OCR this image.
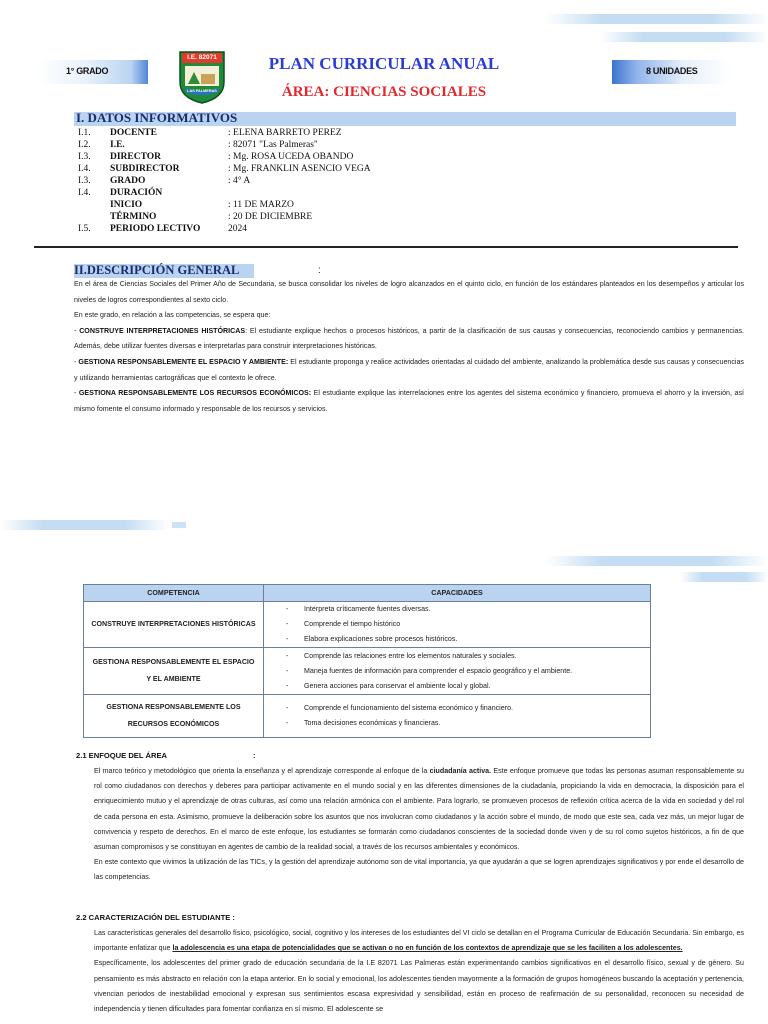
1° GRADO	8 UNIDADES
I.E. 82071
LAS PALMERAS
PLAN CURRICULAR ANUAL
ÁREA: CIENCIAS SOCIALES
I. DATOS INFORMATIVOS
I.1.	DOCENTE	: ELENA BARRETO PEREZ
I.2.	I.E.	: 82071 "Las Palmeras"
I.3.	DIRECTOR	: Mg. ROSA UCEDA OBANDO
I.4.	SUBDIRECTOR	: Mg. FRANKLIN ASENCIO VEGA
I.3.	GRADO	: 4° A
I.4.	DURACIÓN
INICIO	: 11 DE MARZO
TÉRMINO	: 20 DE DICIEMBRE
I.5.	PERIODO LECTIVO	2024
II.DESCRIPCIÓN GENERAL	:
En el área de Ciencias Sociales del Primer Año de Secundaria, se busca consolidar los niveles de logro alcanzados en el quinto ciclo, en función de los estándares planteados en los desempeños y articular los niveles de logros correspondientes al sexto ciclo.
En este grado, en relación a las competencias, se espera que:
- CONSTRUYE INTERPRETACIONES HISTÓRICAS: El estudiante explique hechos o procesos históricos, a partir de la clasificación de sus causas y consecuencias, reconociendo cambios y permanencias. Además, debe utilizar fuentes diversas e interpretarlas para construir interpretaciones históricas.
- GESTIONA RESPONSABLEMENTE EL ESPACIO Y AMBIENTE: El estudiante proponga y realice actividades orientadas al cuidado del ambiente, analizando la problemática desde sus causas y consecuencias y utilizando herramientas cartográficas que el contexto le ofrece.
- GESTIONA RESPONSABLEMENTE LOS RECURSOS ECONÓMICOS: El estudiante explique las interrelaciones entre los agentes del sistema económico y financiero, promueva el ahorro y la inversión, así mismo fomente el consumo informado y responsable de los recursos y servicios.
COMPETENCIA	CAPACIDADES
CONSTRUYE INTERPRETACIONES HISTÓRICAS	- Interpreta críticamente fuentes diversas.
- Comprende el tiempo histórico
- Elabora explicaciones sobre procesos históricos.

GESTIONA RESPONSABLEMENTE EL ESPACIO Y EL AMBIENTE	- Comprende las relaciones entre los elementos naturales y sociales.
- Maneja fuentes de información para comprender el espacio geográfico y el ambiente.
- Genera acciones para conservar el ambiente local y global.

GESTIONA RESPONSABLEMENTE LOS RECURSOS ECONÓMICOS	- Comprende el funcionamiento del sistema económico y financiero.
- Toma decisiones económicas y financieras.
2.1 ENFOQUE DEL ÁREA	:
El marco teórico y metodológico que orienta la enseñanza y el aprendizaje corresponde al enfoque de la ciudadanía activa. Este enfoque promueve que todas las personas asuman responsablemente su rol como ciudadanos con derechos y deberes para participar activamente en el mundo social y en las diferentes dimensiones de la ciudadanía, propiciando la vida en democracia, la disposición para el enriquecimiento mutuo y el aprendizaje de otras culturas, así como una relación armónica con el ambiente. Para lograrlo, se promueven procesos de reflexión crítica acerca de la vida en sociedad y del rol de cada persona en esta. Asimismo, promueve la deliberación sobre los asuntos que nos involucran como ciudadanos y la acción sobre el mundo, de modo que este sea, cada vez más, un mejor lugar de convivencia y respeto de derechos. En el marco de este enfoque, los estudiantes se formarán como ciudadanos conscientes de la sociedad donde viven y de su rol como sujetos históricos, a fin de que asuman compromisos y se constituyan en agentes de cambio de la realidad social, a través de los recursos ambientales y económicos.
En este contexto que vivimos la utilización de las TICs, y la gestión del aprendizaje autónomo son de vital importancia, ya que ayudarán a que se logren aprendizajes significativos y por ende el desarrollo de las competencias.
2.2 CARACTERIZACIÓN DEL ESTUDIANTE :
Las características generales del desarrollo físico, psicológico, social, cognitivo y los intereses de los estudiantes del VI ciclo se detallan en el Programa Curricular de Educación Secundaria. Sin embargo, es importante enfatizar que la adolescencia es una etapa de potencialidades que se activan o no en función de los contextos de aprendizaje que se les faciliten a los adolescentes.
Específicamente, los adolescentes del primer grado de educación secundaria de la I.E 82071 Las Palmeras están experimentando cambios significativos en el desarrollo físico, sexual y de género. Su pensamiento es más abstracto en relación con la etapa anterior. En lo social y emocional, los adolescentes tienden mayormente a la formación de grupos homogéneos buscando la aceptación y pertenencia, vivencian periodos de inestabilidad emocional y expresan sus sentimientos escasa expresividad y sensibilidad, están en proceso de reafirmación de su personalidad, reconocen su necesidad de independencia y tienen dificultades para fomentar confianza en sí mismo. El adolescente se
